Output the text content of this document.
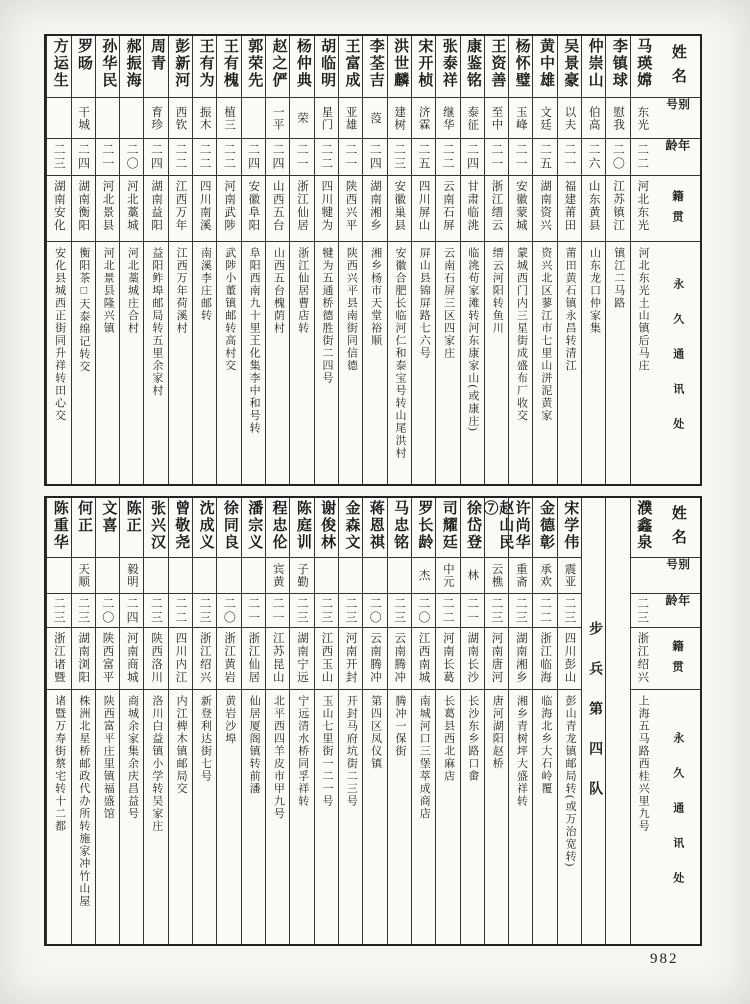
姓名
别号
年龄
籍贯
永久通讯处
马瑛嫦
东光
二二
河北东光
河北东光土山镇后马庄
李镇球
慰我
二〇
江苏镇江
镇江二马路
仲崇山
伯高
二六
山东黄县
山东龙口仲家集
吴景豪
以夫
二一
福建莆田
莆田黄石镇永昌转清江
黄中雄
文廷
二五
湖南资兴
资兴北区蓼江市七里山洴泥黄家
杨怀璧
玉峰
二一
安徽蒙城
蒙城西门内三星街成盛布厂收交
王资善
至中
二一
浙江缙云
缙云河阳转鱼川
康鉴铭
泰征
二四
甘肃临洮
临洮苟家滩转河东康家山(或康庄)
张泰祥
继华
二二
云南石屏
云南石屏三区四家庄
宋开桢
济霖
二五
四川屏山
屏山县锦屏路七六号
洪世麟
建树
二三
安徽巢县
安徽合肥长临河仁和泰宝号转山尾洪村
李荃吉
莈
二四
湖南湘乡
湘乡杨市天堂裕顺
王富成
亚雄
二一
陕西兴平
陕西兴平县南街同信德
胡临明
星门
二二
四川犍为
犍为五通桥德胜街二四号
杨仲典
荣
二一
浙江仙居
浙江仙居曹店转
赵之俨
一平
二四
山西五台
山西五台槐荫村
郭荣先
二四
安徽阜阳
阜阳西南九十里王化集李中和号转
王有槐
植三
二二
河南武陟
武陟小董镇邮转高村交
王有为
振木
二二
四川南溪
南溪李庄邮转
彭新河
西钦
二二
江西万年
江西万年荷溪村
周青
育珍
二四
湖南益阳
益阳鲊埠邮局转五里余家村
郝振海
二〇
河北藁城
河北藁城庄合村
孙华民
二一
河北景县
河北景县隆兴镇
罗旸
干城
二四
湖南衡阳
衡阳茶□天泰绵记转交
方运生
二三
湖南安化
安化县城西正街同升祥转田心交
姓名
别号
年龄
籍贯
永久通讯处
濮鑫泉
二三
浙江绍兴
上海五马路西桂兴里九号
步兵第四队
宋学伟
震亚
二三
四川彭山
彭山青龙镇邮局转(或万治宽转)
金德彰
承欢
二二
浙江临海
临海北乡大石岭覆
许尚华
重斋
二三
湖南湘乡
湘乡青树坪大盛祥转
赵山民⑦
云樵
二三
河南唐河
唐河湖阳赵桥
徐岱登
林
二一
湖南长沙
长沙东乡路口畲
司耀廷
中元
二二
河南长葛
长葛县西北麻店
罗长龄
杰
二〇
江西南城
南城河口三堡萃成商店
马忠铭
二三
云南腾冲
腾冲一保街
蒋恩祺
二〇
云南腾冲
第四区凤仪镇
金森文
二三
河南开封
开封马府坑街二三号
谢俊林
二三
江西玉山
玉山七里街一二一号
陈庭训
子勤
二三
湖南宁远
宁远清水桥同孚祥转
程忠伦
宾黄
二一
江苏昆山
北平西四羊皮市甲九号
潘宗义
二一
浙江仙居
仙居厦阁镇转前潘
徐同良
二〇
浙江黄岩
黄岩沙埠
沈成义
二三
浙江绍兴
新登利达街七号
曾敬尧
二二
四川内江
内江椑木镇邮局交
张兴汉
二三
陕西洛川
洛川白益镇小学转吴家庄
陈正
毅明
二四
河南商城
商城余家集余庆昌益号
文喜
二〇
陕西富平
陕西富平庄里镇福盛馆
何正
天顺
二三
湖南浏阳
株洲北星桥邮政代办所转施家冲竹山屋
陈重华
二三
浙江诸暨
诸暨万寿街蔡宅转十二都
982
